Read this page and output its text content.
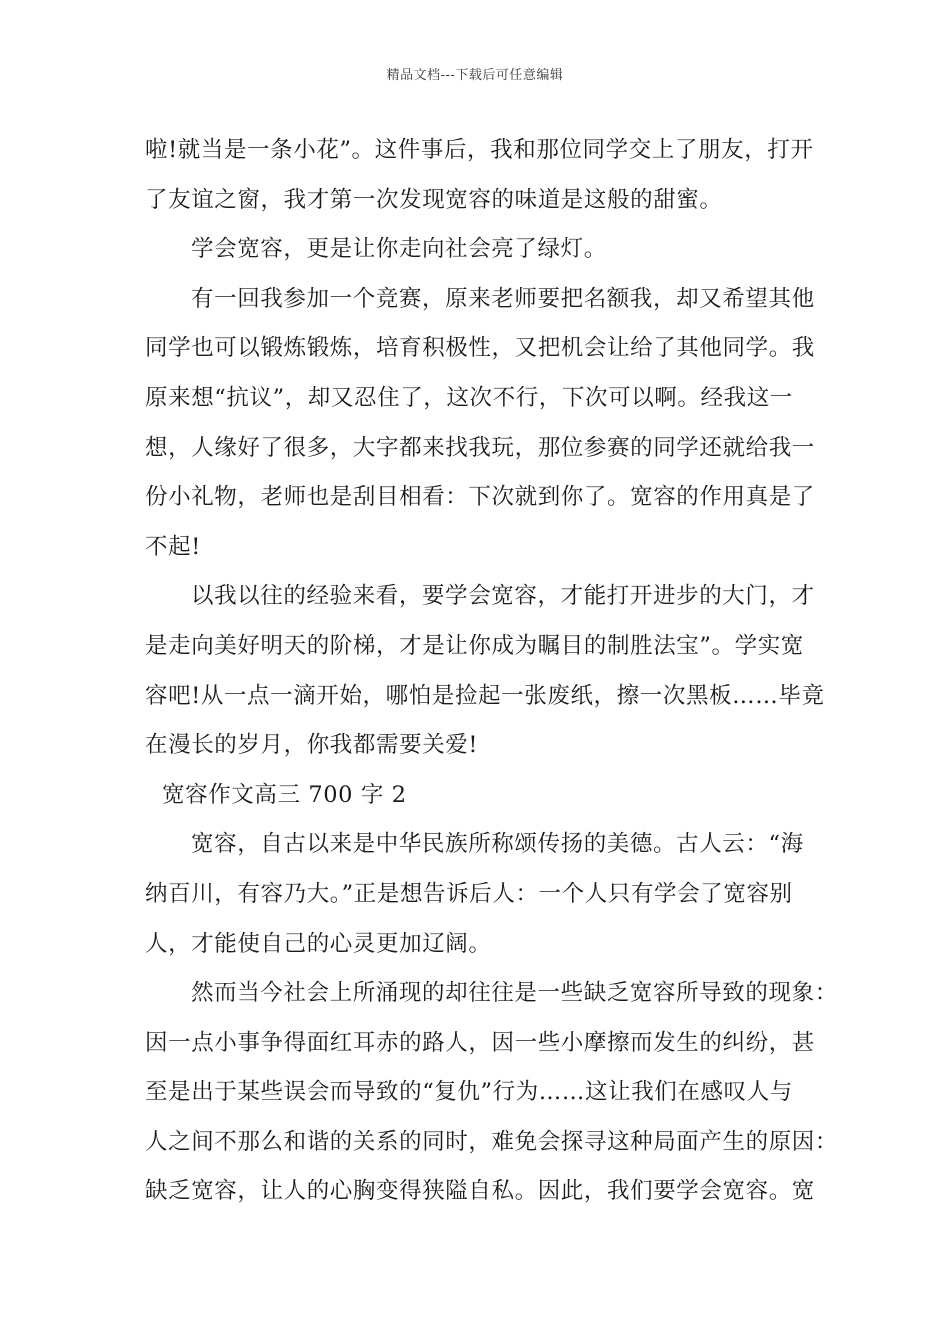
精品文档---下载后可任意编辑
啦!就当是一条小花”。这件事后，我和那位同学交上了朋友，打开
了友谊之窗，我才第一次发现宽容的味道是这般的甜蜜。
学会宽容，更是让你走向社会亮了绿灯。
有一回我参加一个竞赛，原来老师要把名额我，却又希望其他
同学也可以锻炼锻炼，培育积极性，又把机会让给了其他同学。我
原来想“抗议”，却又忍住了，这次不行，下次可以啊。经我这一
想，人缘好了很多，大字都来找我玩，那位参赛的同学还就给我一
份小礼物，老师也是刮目相看：下次就到你了。宽容的作用真是了
不起!
以我以往的经验来看，要学会宽容，才能打开进步的大门，才
是走向美好明天的阶梯，才是让你成为瞩目的制胜法宝”。学实宽
容吧!从一点一滴开始，哪怕是捡起一张废纸，擦一次黑板……毕竟
在漫长的岁月，你我都需要关爱!
宽容作文高三 700 字 2
宽容，自古以来是中华民族所称颂传扬的美德。古人云：“海
纳百川，有容乃大。”正是想告诉后人：一个人只有学会了宽容别
人，才能使自己的心灵更加辽阔。
然而当今社会上所涌现的却往往是一些缺乏宽容所导致的现象：
因一点小事争得面红耳赤的路人，因一些小摩擦而发生的纠纷，甚
至是出于某些误会而导致的“复仇”行为……这让我们在感叹人与
人之间不那么和谐的关系的同时，难免会探寻这种局面产生的原因：
缺乏宽容，让人的心胸变得狭隘自私。因此，我们要学会宽容。宽
